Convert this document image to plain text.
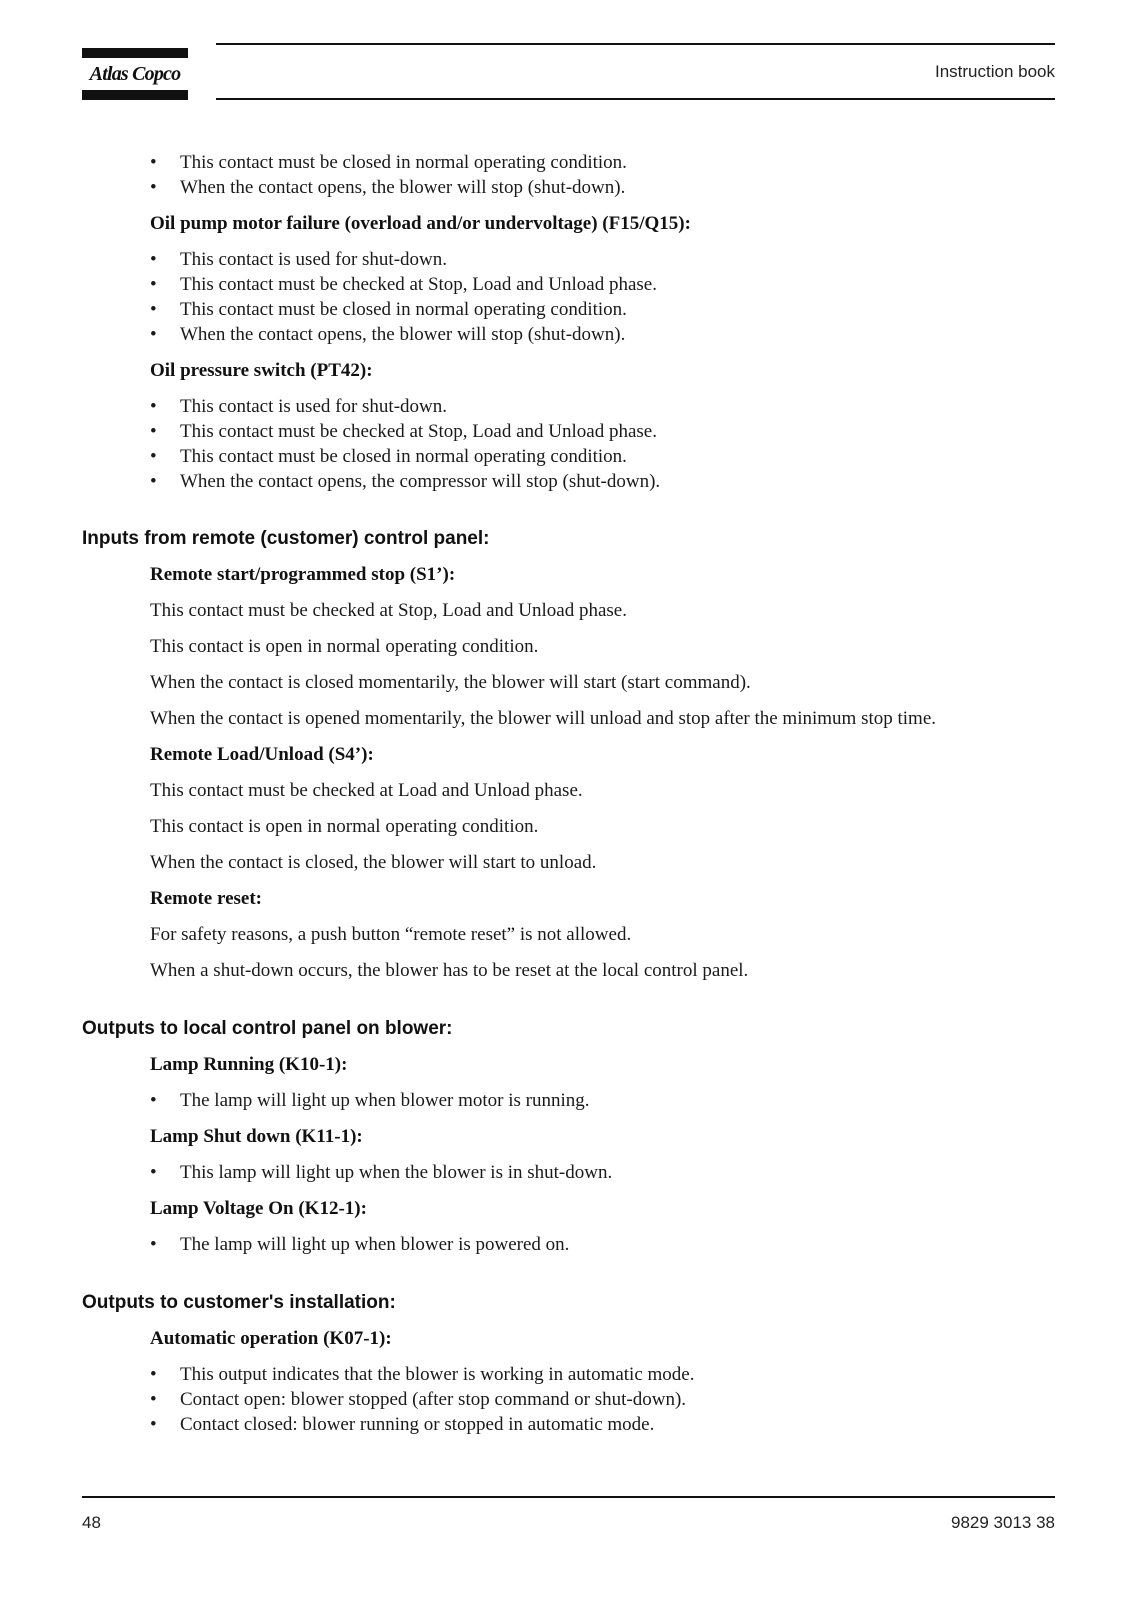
Atlas Copco	Instruction book
• This contact must be closed in normal operating condition.
• When the contact opens, the blower will stop (shut-down).
Oil pump motor failure (overload and/or undervoltage) (F15/Q15):
• This contact is used for shut-down.
• This contact must be checked at Stop, Load and Unload phase.
• This contact must be closed in normal operating condition.
• When the contact opens, the blower will stop (shut-down).
Oil pressure switch (PT42):
• This contact is used for shut-down.
• This contact must be checked at Stop, Load and Unload phase.
• This contact must be closed in normal operating condition.
• When the contact opens, the compressor will stop (shut-down).
Inputs from remote (customer) control panel:
Remote start/programmed stop (S1’):
This contact must be checked at Stop, Load and Unload phase.
This contact is open in normal operating condition.
When the contact is closed momentarily, the blower will start (start command).
When the contact is opened momentarily, the blower will unload and stop after the minimum stop time.
Remote Load/Unload (S4’):
This contact must be checked at Load and Unload phase.
This contact is open in normal operating condition.
When the contact is closed, the blower will start to unload.
Remote reset:
For safety reasons, a push button “remote reset” is not allowed.
When a shut-down occurs, the blower has to be reset at the local control panel.
Outputs to local control panel on blower:
Lamp Running (K10-1):
• The lamp will light up when blower motor is running.
Lamp Shut down (K11-1):
• This lamp will light up when the blower is in shut-down.
Lamp Voltage On (K12-1):
• The lamp will light up when blower is powered on.
Outputs to customer's installation:
Automatic operation (K07-1):
• This output indicates that the blower is working in automatic mode.
• Contact open: blower stopped (after stop command or shut-down).
• Contact closed: blower running or stopped in automatic mode.
48	9829 3013 38
